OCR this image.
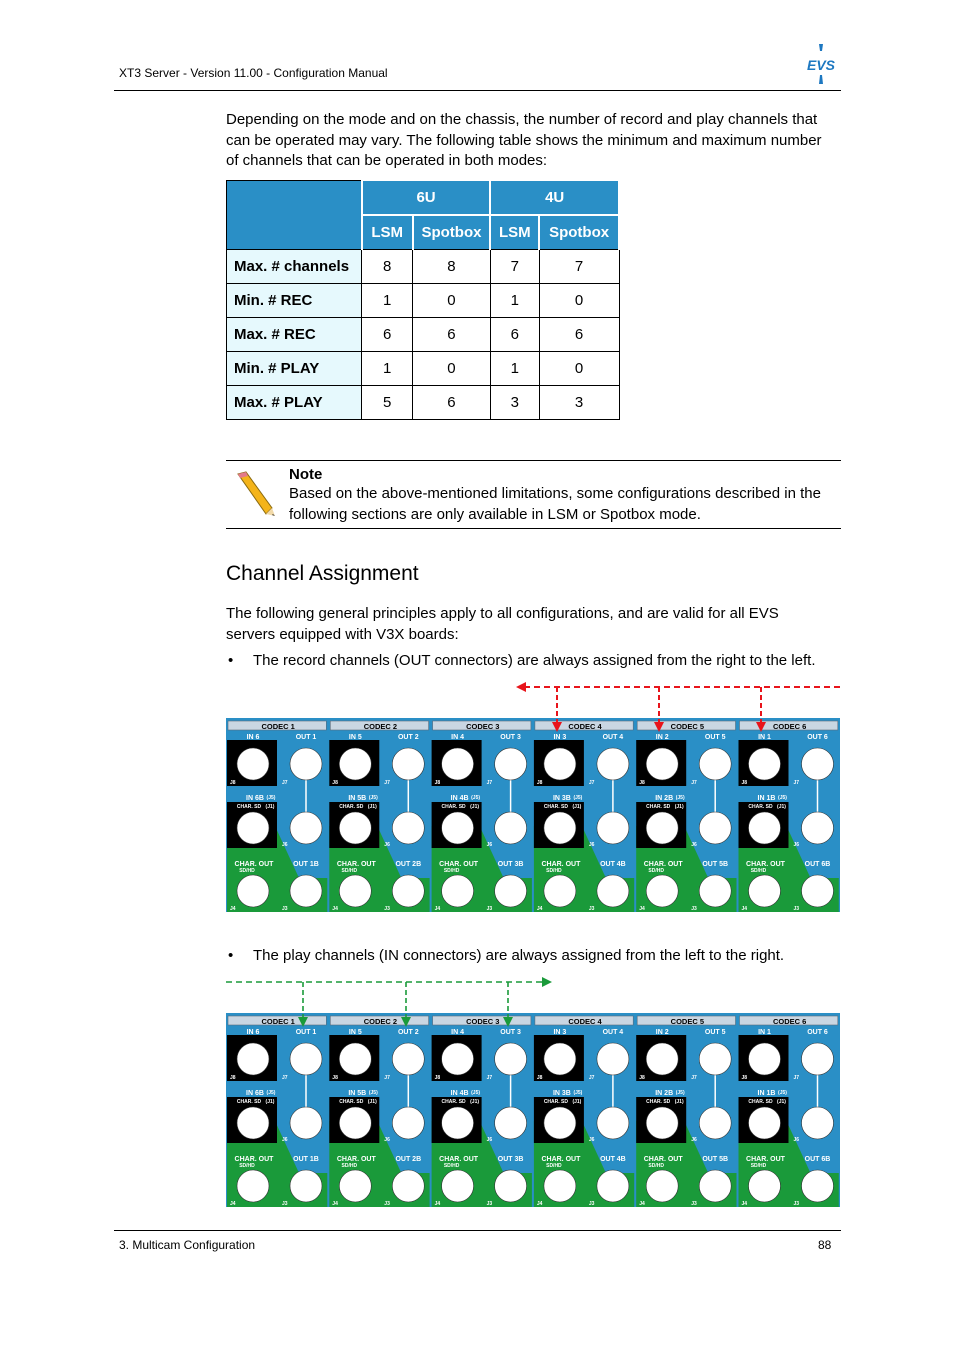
XT3 Server - Version 11.00 - Configuration Manual	EVS
Depending on the mode and on the chassis, the number of record and play channels that
can be operated may vary. The following table shows the minimum and maximum number
of channels that can be operated in both modes:
	6U		4U	
	LSM	Spotbox	LSM	Spotbox
Max. # channels	8	8	7	7
Min. # REC	1	0	1	0
Max. # REC	6	6	6	6
Min. # PLAY	1	0	1	0
Max. # PLAY	5	6	3	3
Note
Based on the above-mentioned limitations, some configurations described in the
following sections are only available in LSM or Spotbox mode.
Channel Assignment
The following general principles apply to all configurations, and are valid for all EVS
servers equipped with V3X boards:
• The record channels (OUT connectors) are always assigned from the right to the left.
CODEC 1
IN 6	OUT 1
IN 6B (J5)
CHAR. SD (J1)
CHAR. OUT
SD/HD
OUT 1B
J8	J7
J6
J4	J3
CODEC 2
IN 5	OUT 2
IN 5B (J5)
CHAR. SD (J1)
CHAR. OUT
SD/HD
OUT 2B
J8	J7
J6
J4	J3
CODEC 3
IN 4	OUT 3
IN 4B (J5)
CHAR. SD (J1)
CHAR. OUT
SD/HD
OUT 3B
J8	J7
J6
J4	J3
CODEC 4
IN 3	OUT 4
IN 3B (J5)
CHAR. SD (J1)
CHAR. OUT
SD/HD
OUT 4B
J8	J7
J6
J4	J3
CODEC 5
IN 2	OUT 5
IN 2B (J5)
CHAR. SD (J1)
CHAR. OUT
SD/HD
OUT 5B
J8	J7
J6
J4	J3
CODEC 6
IN 1	OUT 6
IN 1B (J5)
CHAR. SD (J1)
CHAR. OUT
SD/HD
OUT 6B
J8	J7
J6
J4	J3
• The play channels (IN connectors) are always assigned from the left to the right.
CODEC 1
IN 6	OUT 1
IN 6B (J5)
CHAR. SD (J1)
CHAR. OUT
SD/HD
OUT 1B
J8	J7
J6
J4	J3
CODEC 2
IN 5	OUT 2
IN 5B (J5)
CHAR. SD (J1)
CHAR. OUT
SD/HD
OUT 2B
J8	J7
J6
J4	J3
CODEC 3
IN 4	OUT 3
IN 4B (J5)
CHAR. SD (J1)
CHAR. OUT
SD/HD
OUT 3B
J8	J7
J6
J4	J3
CODEC 4
IN 3	OUT 4
IN 3B (J5)
CHAR. SD (J1)
CHAR. OUT
SD/HD
OUT 4B
J8	J7
J6
J4	J3
CODEC 5
IN 2	OUT 5
IN 2B (J5)
CHAR. SD (J1)
CHAR. OUT
SD/HD
OUT 5B
J8	J7
J6
J4	J3
CODEC 6
IN 1	OUT 6
IN 1B (J5)
CHAR. SD (J1)
CHAR. OUT
SD/HD
OUT 6B
J8	J7
J6
J4	J3
3. Multicam Configuration	88
